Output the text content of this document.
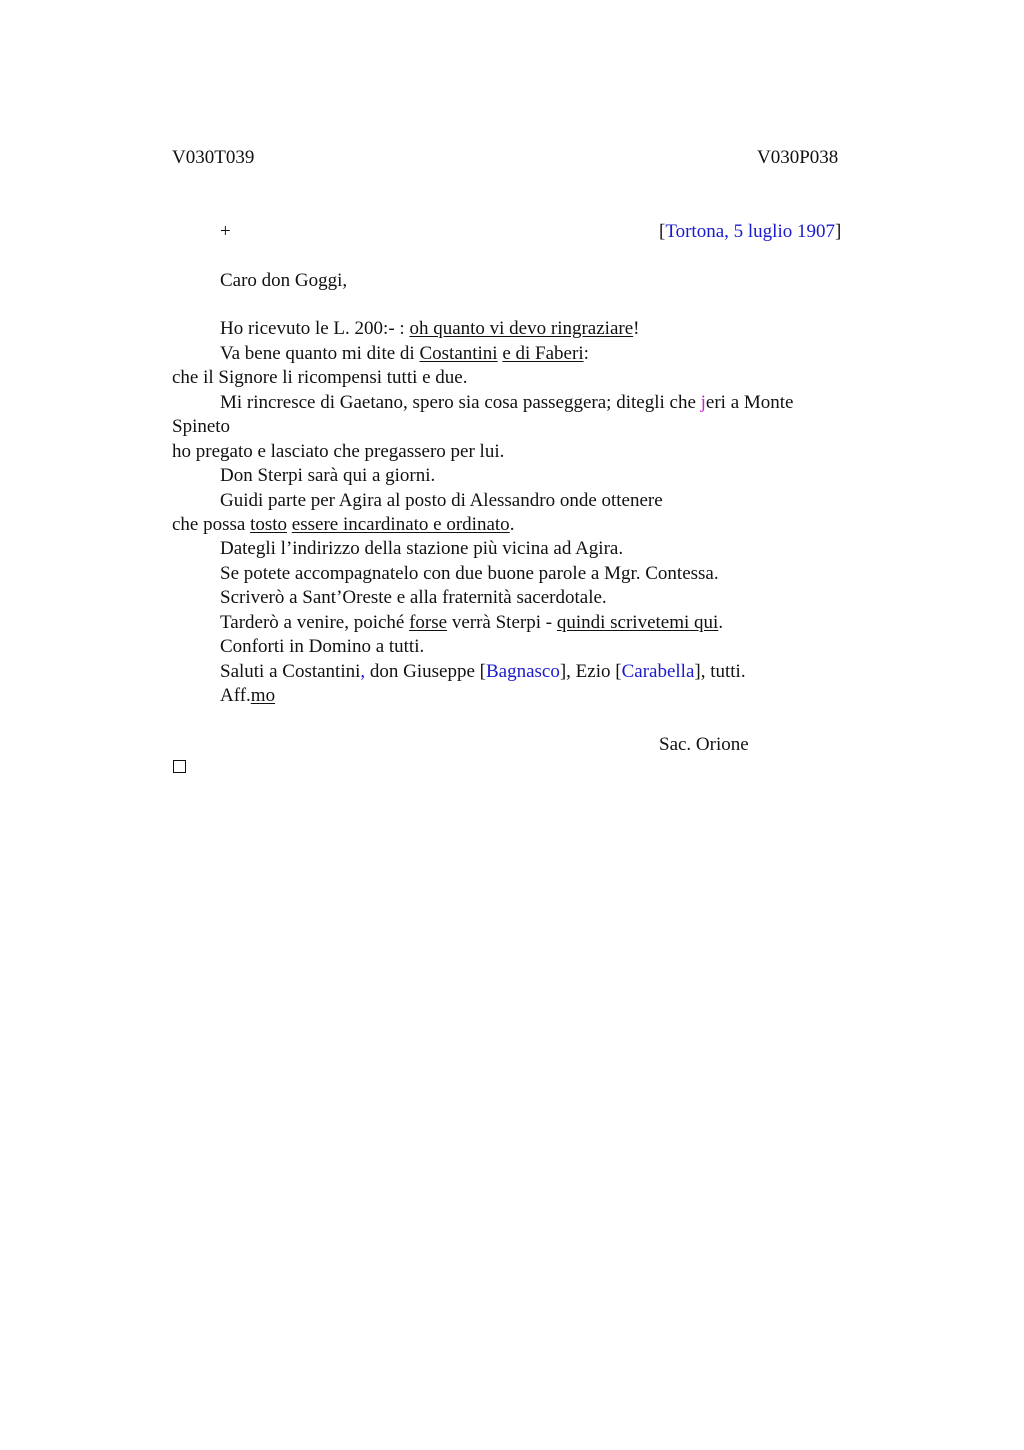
V030T039	V030P038
+	[Tortona, 5 luglio 1907]
Caro don Goggi,
Ho ricevuto le L. 200:- : oh quanto vi devo ringraziare!
Va bene quanto mi dite di Costantini e di Faberi:
che il Signore li ricompensi tutti e due.
Mi rincresce di Gaetano, spero sia cosa passeggera; ditegli che jeri a Monte
Spineto
ho pregato e lasciato che pregassero per lui.
Don Sterpi sarà qui a giorni.
Guidi parte per Agira al posto di Alessandro onde ottenere
che possa tosto essere incardinato e ordinato.
Dategli l’indirizzo della stazione più vicina ad Agira.
Se potete accompagnatelo con due buone parole a Mgr. Contessa.
Scriverò a Sant’Oreste e alla fraternità sacerdotale.
Tarderò a venire, poiché forse verrà Sterpi - quindi scrivetemi qui.
Conforti in Domino a tutti.
Saluti a Costantini, don Giuseppe [Bagnasco], Ezio [Carabella], tutti.
Aff.mo
Sac. Orione
